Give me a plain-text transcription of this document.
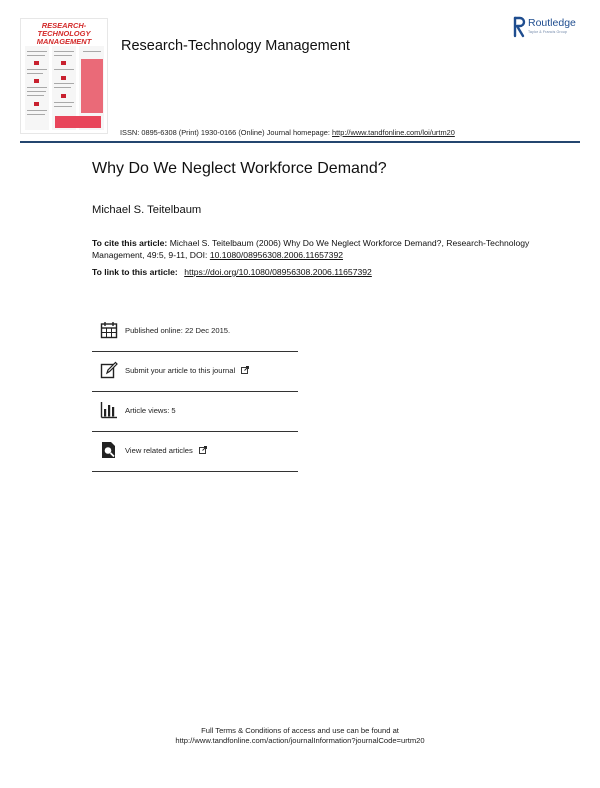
RESEARCH-TECHNOLOGY MANAGEMENT	Research-Technology Management
Routledge
Taylor & Francis Group
ISSN: 0895-6308 (Print) 1930-0166 (Online) Journal homepage: http://www.tandfonline.com/loi/urtm20
Why Do We Neglect Workforce Demand?
Michael S. Teitelbaum
To cite this article: Michael S. Teitelbaum (2006) Why Do We Neglect Workforce Demand?, Research-Technology Management, 49:5, 9-11, DOI: 10.1080/08956308.2006.11657392
To link to this article: https://doi.org/10.1080/08956308.2006.11657392
Published online: 22 Dec 2015.
Submit your article to this journal
Article views: 5
View related articles
Full Terms & Conditions of access and use can be found at
http://www.tandfonline.com/action/journalInformation?journalCode=urtm20
